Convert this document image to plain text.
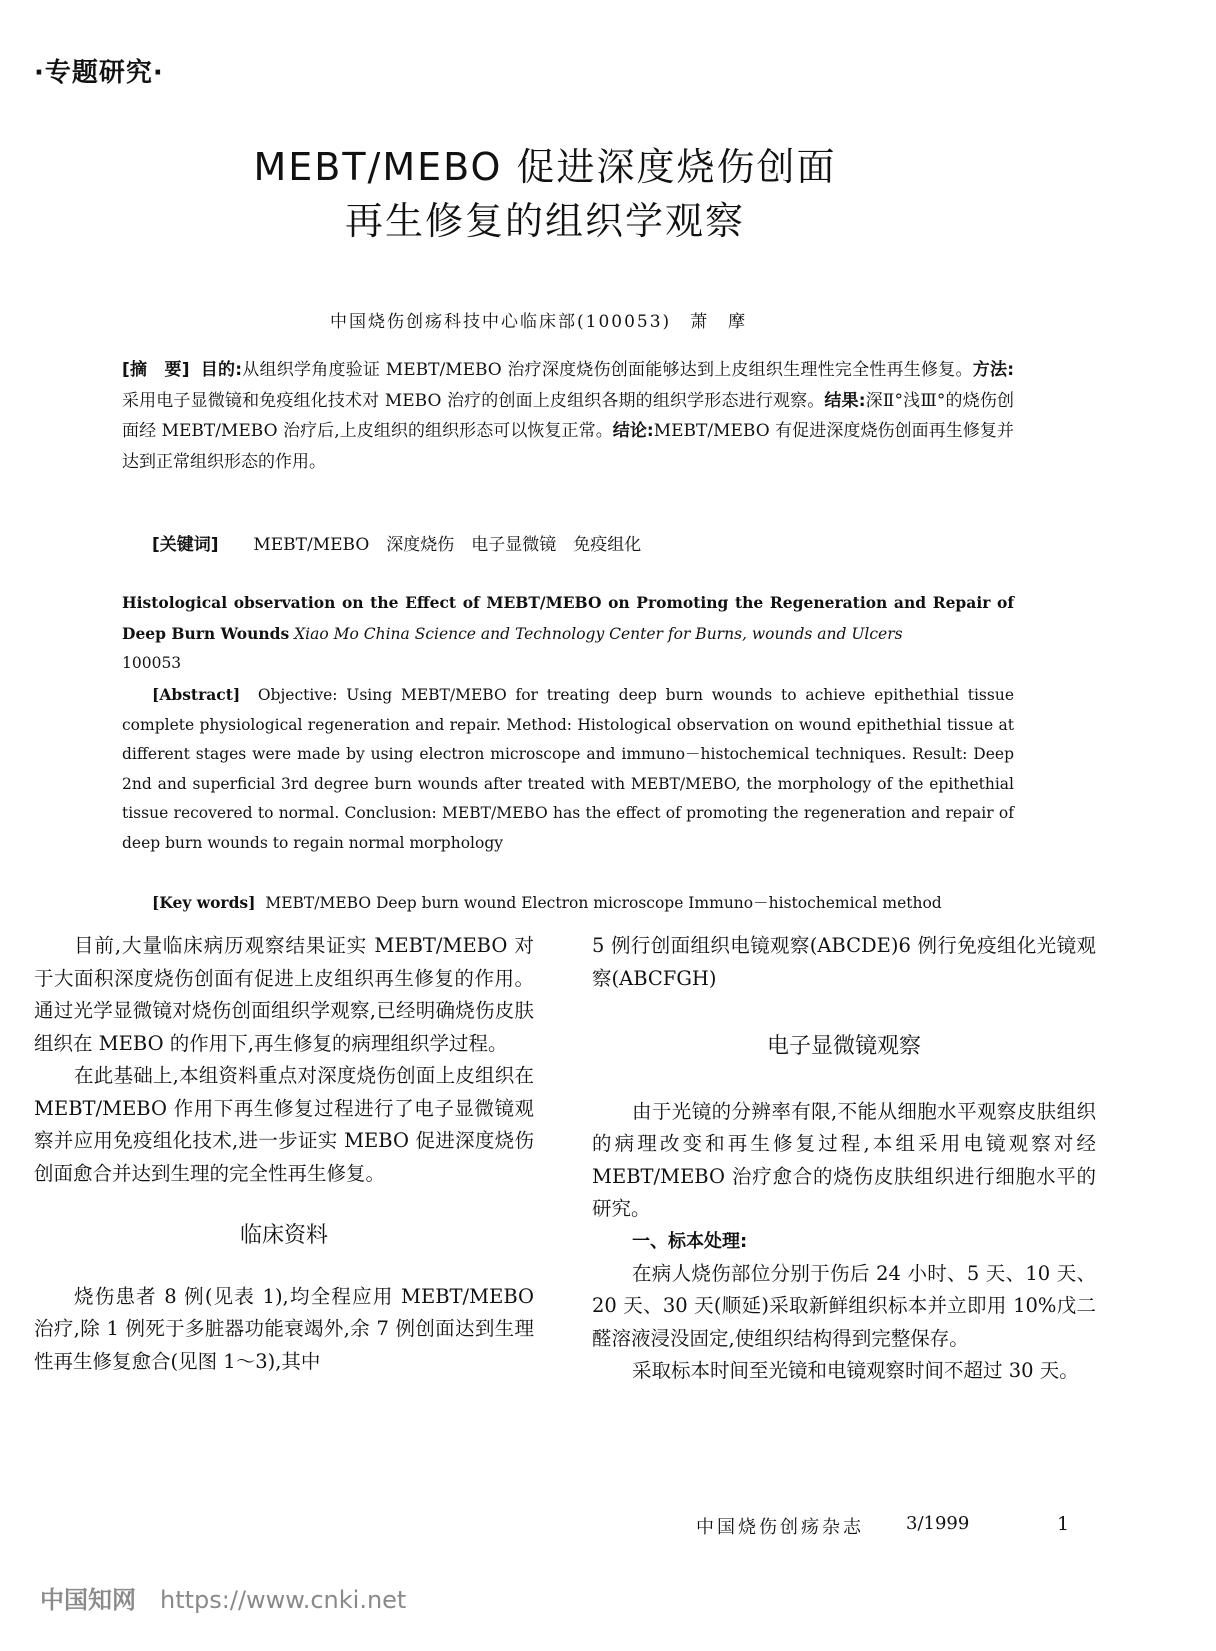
·专题研究·
MEBT/MEBO 促进深度烧伤创面
再生修复的组织学观察
中国烧伤创疡科技中心临床部(100053)　萧　摩
[摘　要] 目的:从组织学角度验证 MEBT/MEBO 治疗深度烧伤创面能够达到上皮组织生理性完全性再生修复。方法:采用电子显微镜和免疫组化技术对 MEBO 治疗的创面上皮组织各期的组织学形态进行观察。结果:深Ⅱ°浅Ⅲ°的烧伤创面经 MEBT/MEBO 治疗后,上皮组织的组织形态可以恢复正常。结论:MEBT/MEBO 有促进深度烧伤创面再生修复并达到正常组织形态的作用。
[关键词] MEBT/MEBO　深度烧伤　电子显微镜　免疫组化
Histological observation on the Effect of MEBT/MEBO on Promoting the Regeneration and Repair of Deep Burn Wounds Xiao Mo China Science and Technology Center for Burns, wounds and Ulcers
100053
[Abstract] Objective: Using MEBT/MEBO for treating deep burn wounds to achieve epithethial tissue complete physiological regeneration and repair. Method: Histological observation on wound epithethial tissue at different stages were made by using electron microscope and immuno－histochemical techniques. Result: Deep 2nd and superficial 3rd degree burn wounds after treated with MEBT/MEBO, the morphology of the epithethial tissue recovered to normal. Conclusion: MEBT/MEBO has the effect of promoting the regeneration and repair of deep burn wounds to regain normal morphology
[Key words] MEBT/MEBO Deep burn wound Electron microscope Immuno－histochemical method

目前,大量临床病历观察结果证实 MEBT/MEBO 对于大面积深度烧伤创面有促进上皮组织再生修复的作用。通过光学显微镜对烧伤创面组织学观察,已经明确烧伤皮肤组织在 MEBO 的作用下,再生修复的病理组织学过程。

在此基础上,本组资料重点对深度烧伤创面上皮组织在 MEBT/MEBO 作用下再生修复过程进行了电子显微镜观察并应用免疫组化技术,进一步证实 MEBO 促进深度烧伤创面愈合并达到生理的完全性再生修复。

临床资料

烧伤患者 8 例(见表 1),均全程应用 MEBT/MEBO 治疗,除 1 例死于多脏器功能衰竭外,余 7 例创面达到生理性再生修复愈合(见图 1～3),其中

5 例行创面组织电镜观察(ABCDE)6 例行免疫组化光镜观察(ABCFGH)

电子显微镜观察

由于光镜的分辨率有限,不能从细胞水平观察皮肤组织的病理改变和再生修复过程,本组采用电镜观察对经 MEBT/MEBO 治疗愈合的烧伤皮肤组织进行细胞水平的研究。

一、标本处理:

在病人烧伤部位分别于伤后 24 小时、5 天、10 天、20 天、30 天(顺延)采取新鲜组织标本并立即用 10%戊二醛溶液浸没固定,使组织结构得到完整保存。

采取标本时间至光镜和电镜观察时间不超过 30 天。

中国烧伤创疡杂志 3/1999	1
中国知网 https://www.cnki.net
